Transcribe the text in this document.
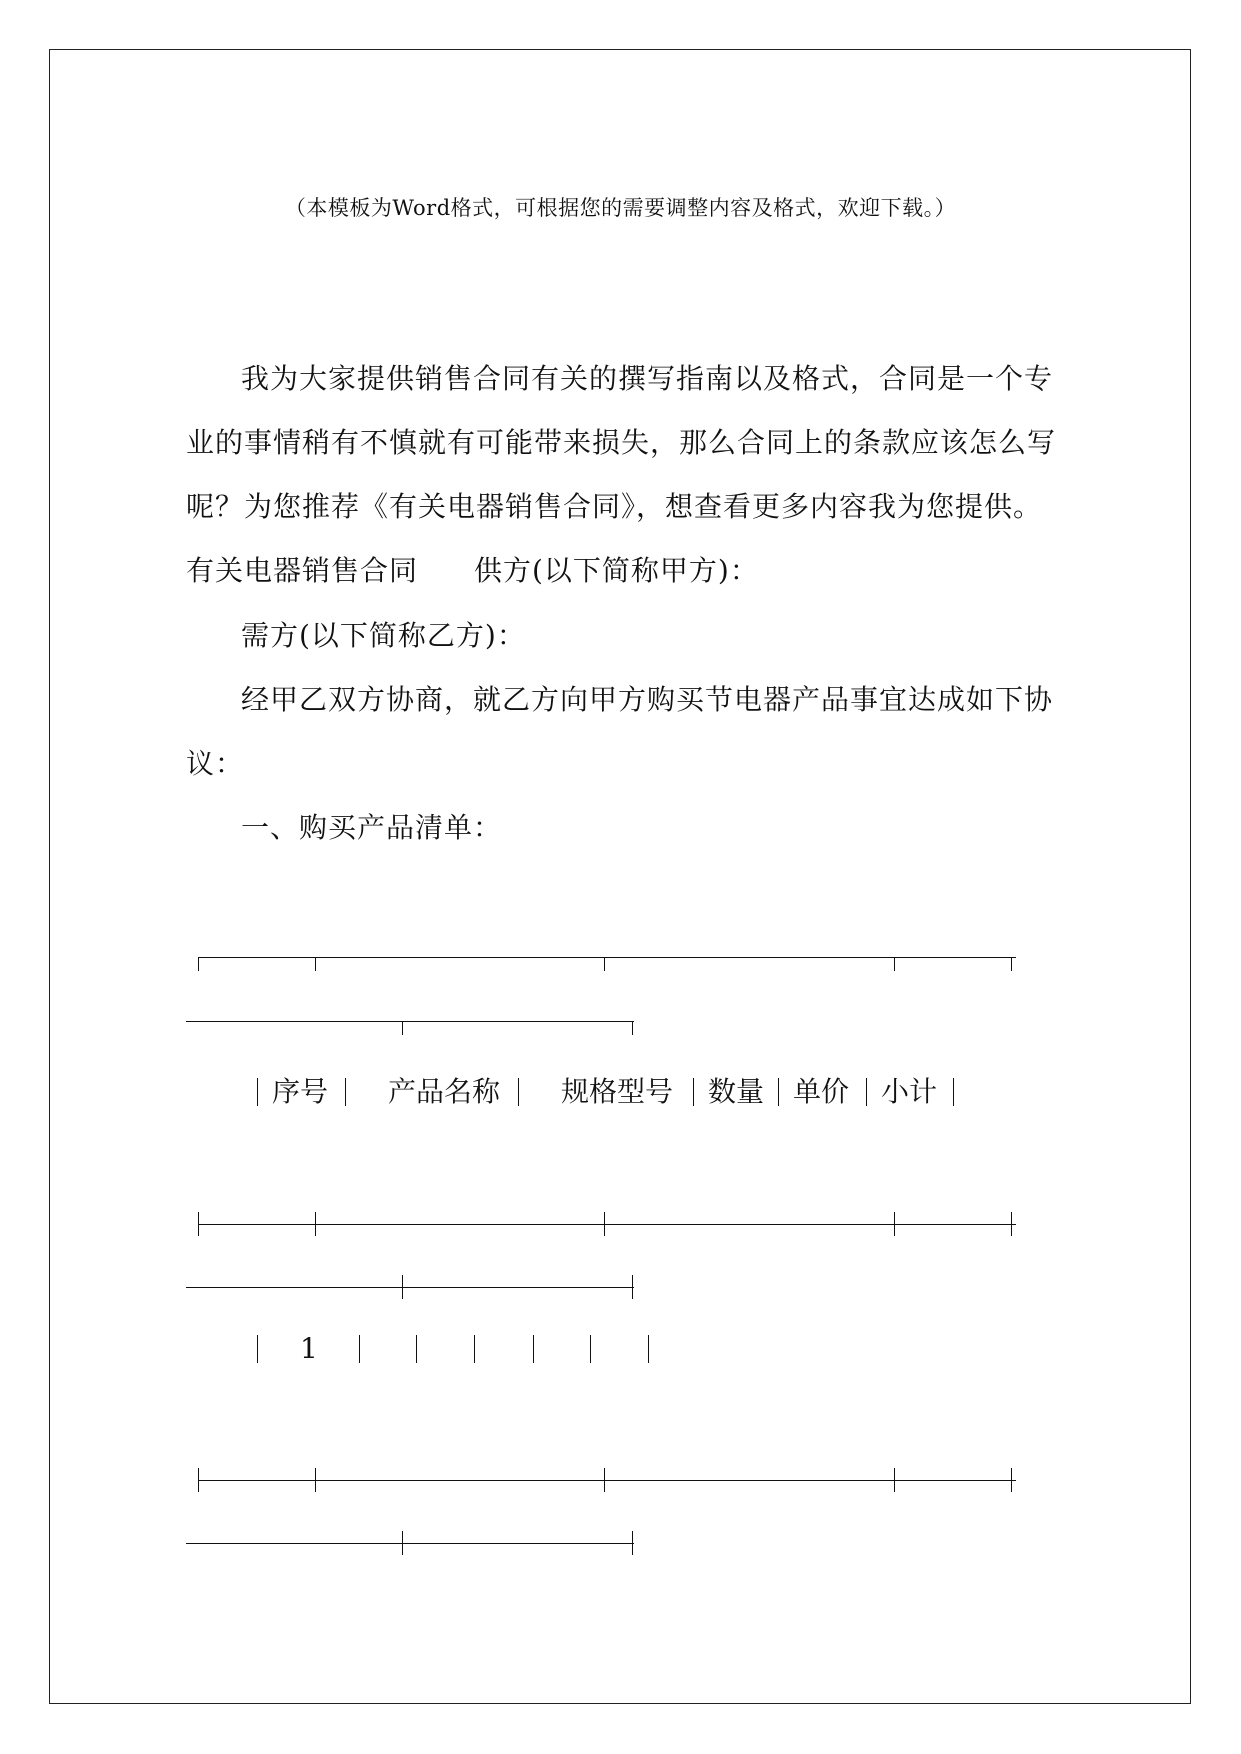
（本模板为Word格式，可根据您的需要调整内容及格式，欢迎下载。）
我为大家提供销售合同有关的撰写指南以及格式，合同是一个专
业的事情稍有不慎就有可能带来损失，那么合同上的条款应该怎么写
呢？为您推荐《有关电器销售合同》，想查看更多内容我为您提供。
有关电器销售合同 供方(以下简称甲方)：
需方(以下简称乙方)：
经甲乙双方协商，就乙方向甲方购买节电器产品事宜达成如下协
议：
一、购买产品清单：
序号 产品名称 规格型号 数量 单价 小计
1
